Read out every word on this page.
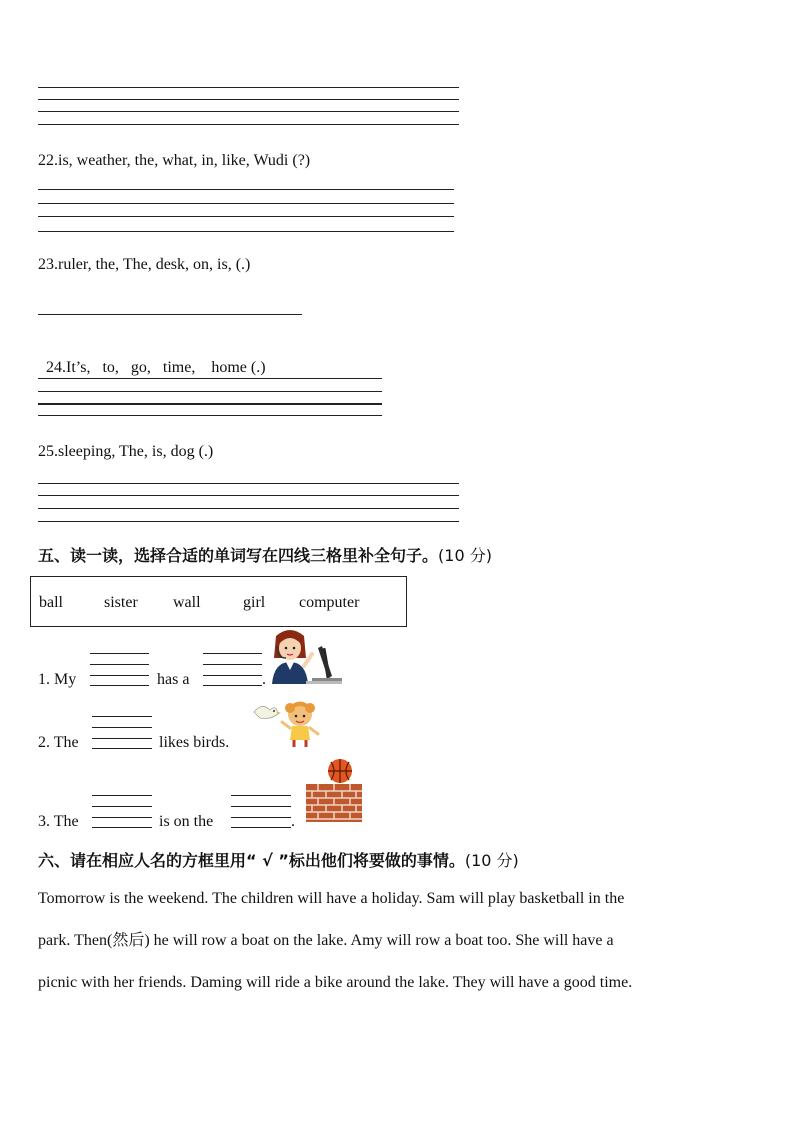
22.is, weather, the, what, in, like, Wudi (?)
23.ruler, the, The, desk, on, is, (.)

24.It’s,   to,   go,   time,    home (.)

25.sleeping, The, is, dog (.)
五、读一读，选择合适的单词写在四线三格里补全句子。(10 分)
ball	sister wall	girl computer
1. My	has a	.
2. The	likes birds.
3. The	is on the	.
六、请在相应人名的方框里用“ √ ”标出他们将要做的事情。(10 分)
Tomorrow is the weekend. The children will have a holiday. Sam will play basketball in the
park. Then(然后) he will row a boat on the lake. Amy will row a boat too. She will have a
picnic with her friends. Daming will ride a bike around the lake. They will have a good time.
